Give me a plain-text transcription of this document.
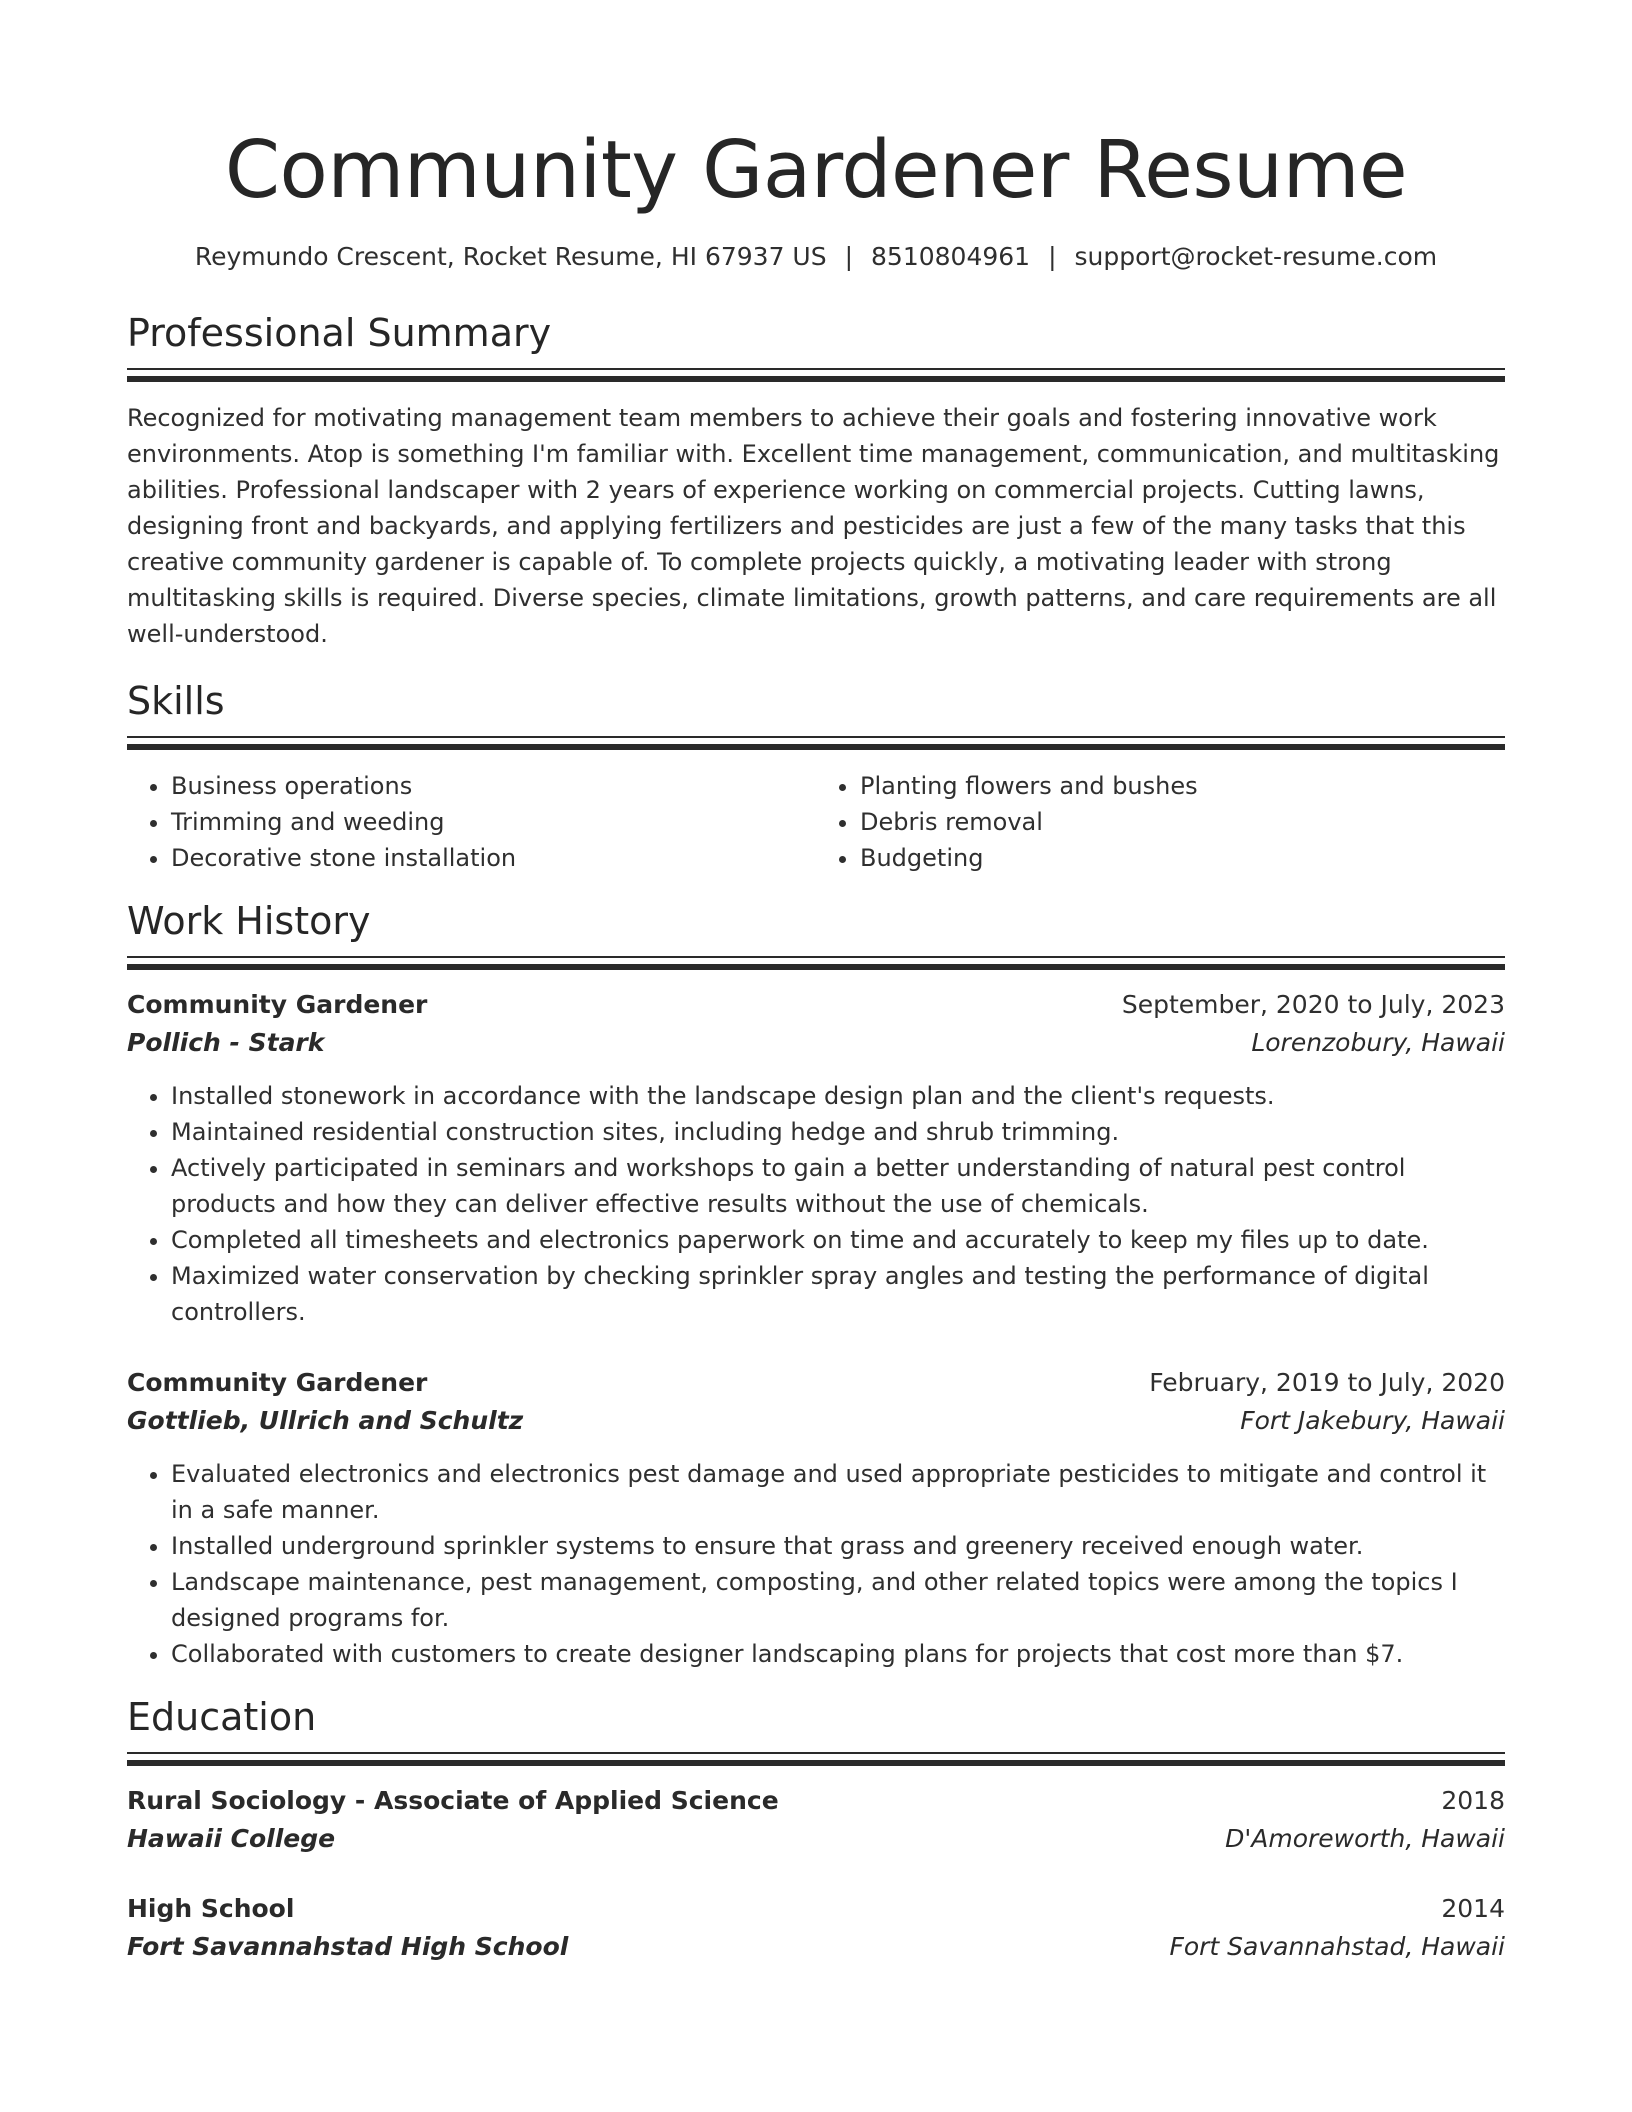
Community Gardener Resume
Reymundo Crescent, Rocket Resume, HI 67937 US | 8510804961 | support@rocket-resume.com
Professional Summary

Recognized for motivating management team members to achieve their goals and fostering innovative work environments. Atop is something I'm familiar with. Excellent time management, communication, and multitasking abilities. Professional landscaper with 2 years of experience working on commercial projects. Cutting lawns, designing front and backyards, and applying fertilizers and pesticides are just a few of the many tasks that this creative community gardener is capable of. To complete projects quickly, a motivating leader with strong multitasking skills is required. Diverse species, climate limitations, growth patterns, and care requirements are all well-understood.

Skills
• Business operations
• Trimming and weeding
• Decorative stone installation
• Planting flowers and bushes
• Debris removal
• Budgeting
Work History
Community Gardener	September, 2020 to July, 2023
Pollich - Stark	Lorenzobury, Hawaii
• Installed stonework in accordance with the landscape design plan and the client's requests.
• Maintained residential construction sites, including hedge and shrub trimming.
• Actively participated in seminars and workshops to gain a better understanding of natural pest control products and how they can deliver effective results without the use of chemicals.
• Completed all timesheets and electronics paperwork on time and accurately to keep my files up to date.
• Maximized water conservation by checking sprinkler spray angles and testing the performance of digital controllers.
Community Gardener	February, 2019 to July, 2020
Gottlieb, Ullrich and Schultz	Fort Jakebury, Hawaii
• Evaluated electronics and electronics pest damage and used appropriate pesticides to mitigate and control it in a safe manner.
• Installed underground sprinkler systems to ensure that grass and greenery received enough water.
• Landscape maintenance, pest management, composting, and other related topics were among the topics I designed programs for.
• Collaborated with customers to create designer landscaping plans for projects that cost more than $7.
Education
Rural Sociology - Associate of Applied Science	2018
Hawaii College	D'Amoreworth, Hawaii
High School	2014
Fort Savannahstad High School	Fort Savannahstad, Hawaii
